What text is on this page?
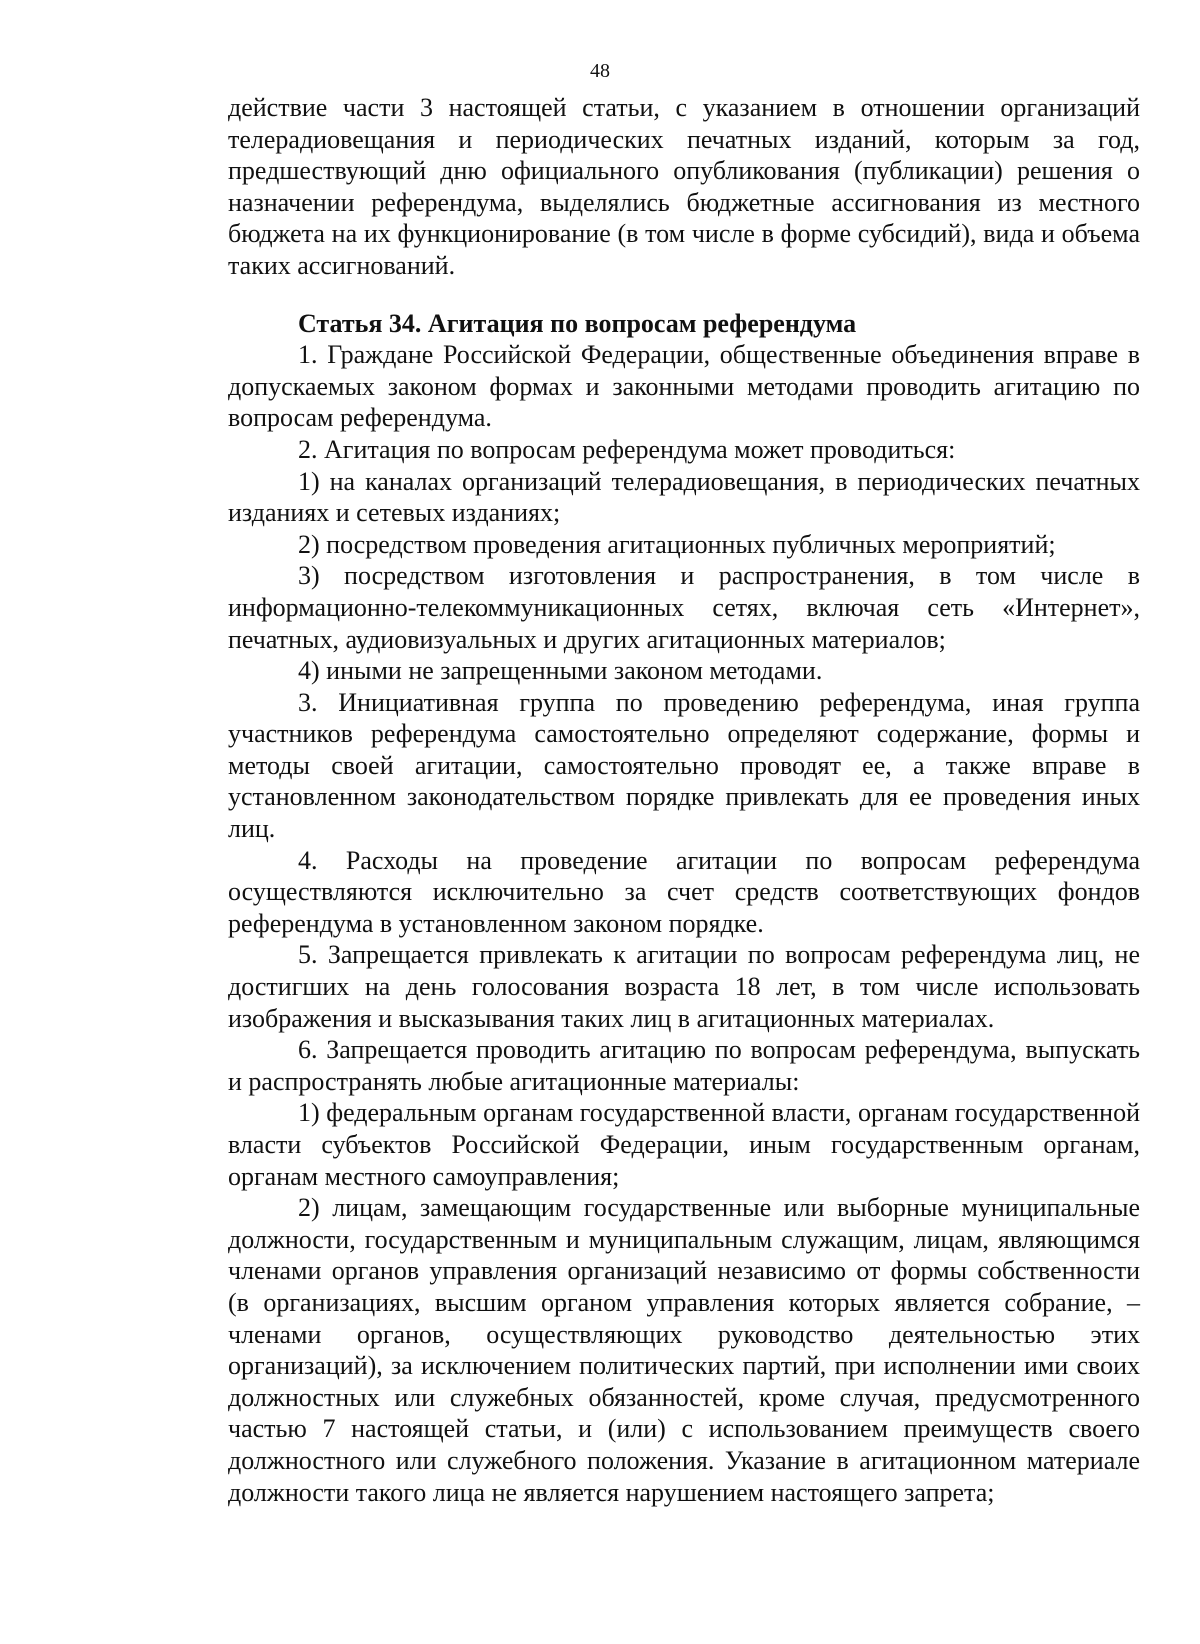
48

действие части 3 настоящей статьи, с указанием в отношении организаций телерадиовещания и периодических печатных изданий, которым за год, предшествующий дню официального опубликования (публикации) решения о назначении референдума, выделялись бюджетные ассигнования из местного бюджета на их функционирование (в том числе в форме субсидий), вида и объема таких ассигнований.

Статья 34. Агитация по вопросам референдума

1. Граждане Российской Федерации, общественные объединения вправе в допускаемых законом формах и законными методами проводить агитацию по вопросам референдума.

2. Агитация по вопросам референдума может проводиться:

1) на каналах организаций телерадиовещания, в периодических печатных изданиях и сетевых изданиях;

2) посредством проведения агитационных публичных мероприятий;

3) посредством изготовления и распространения, в том числе в информационно-телекоммуникационных сетях, включая сеть «Интернет», печатных, аудиовизуальных и других агитационных материалов;

4) иными не запрещенными законом методами.

3. Инициативная группа по проведению референдума, иная группа участников референдума самостоятельно определяют содержание, формы и методы своей агитации, самостоятельно проводят ее, а также вправе в установленном законодательством порядке привлекать для ее проведения иных лиц.

4. Расходы на проведение агитации по вопросам референдума осуществляются исключительно за счет средств соответствующих фондов референдума в установленном законом порядке.

5. Запрещается привлекать к агитации по вопросам референдума лиц, не достигших на день голосования возраста 18 лет, в том числе использовать изображения и высказывания таких лиц в агитационных материалах.

6. Запрещается проводить агитацию по вопросам референдума, выпускать и распространять любые агитационные материалы:

1) федеральным органам государственной власти, органам государственной власти субъектов Российской Федерации, иным государственным органам, органам местного самоуправления;

2) лицам, замещающим государственные или выборные муниципальные должности, государственным и муниципальным служащим, лицам, являющимся членами органов управления организаций независимо от формы собственности (в организациях, высшим органом управления которых является собрание, – членами органов, осуществляющих руководство деятельностью этих организаций), за исключением политических партий, при исполнении ими своих должностных или служебных обязанностей, кроме случая, предусмотренного частью 7 настоящей статьи, и (или) с использованием преимуществ своего должностного или служебного положения. Указание в агитационном материале должности такого лица не является нарушением настоящего запрета;
